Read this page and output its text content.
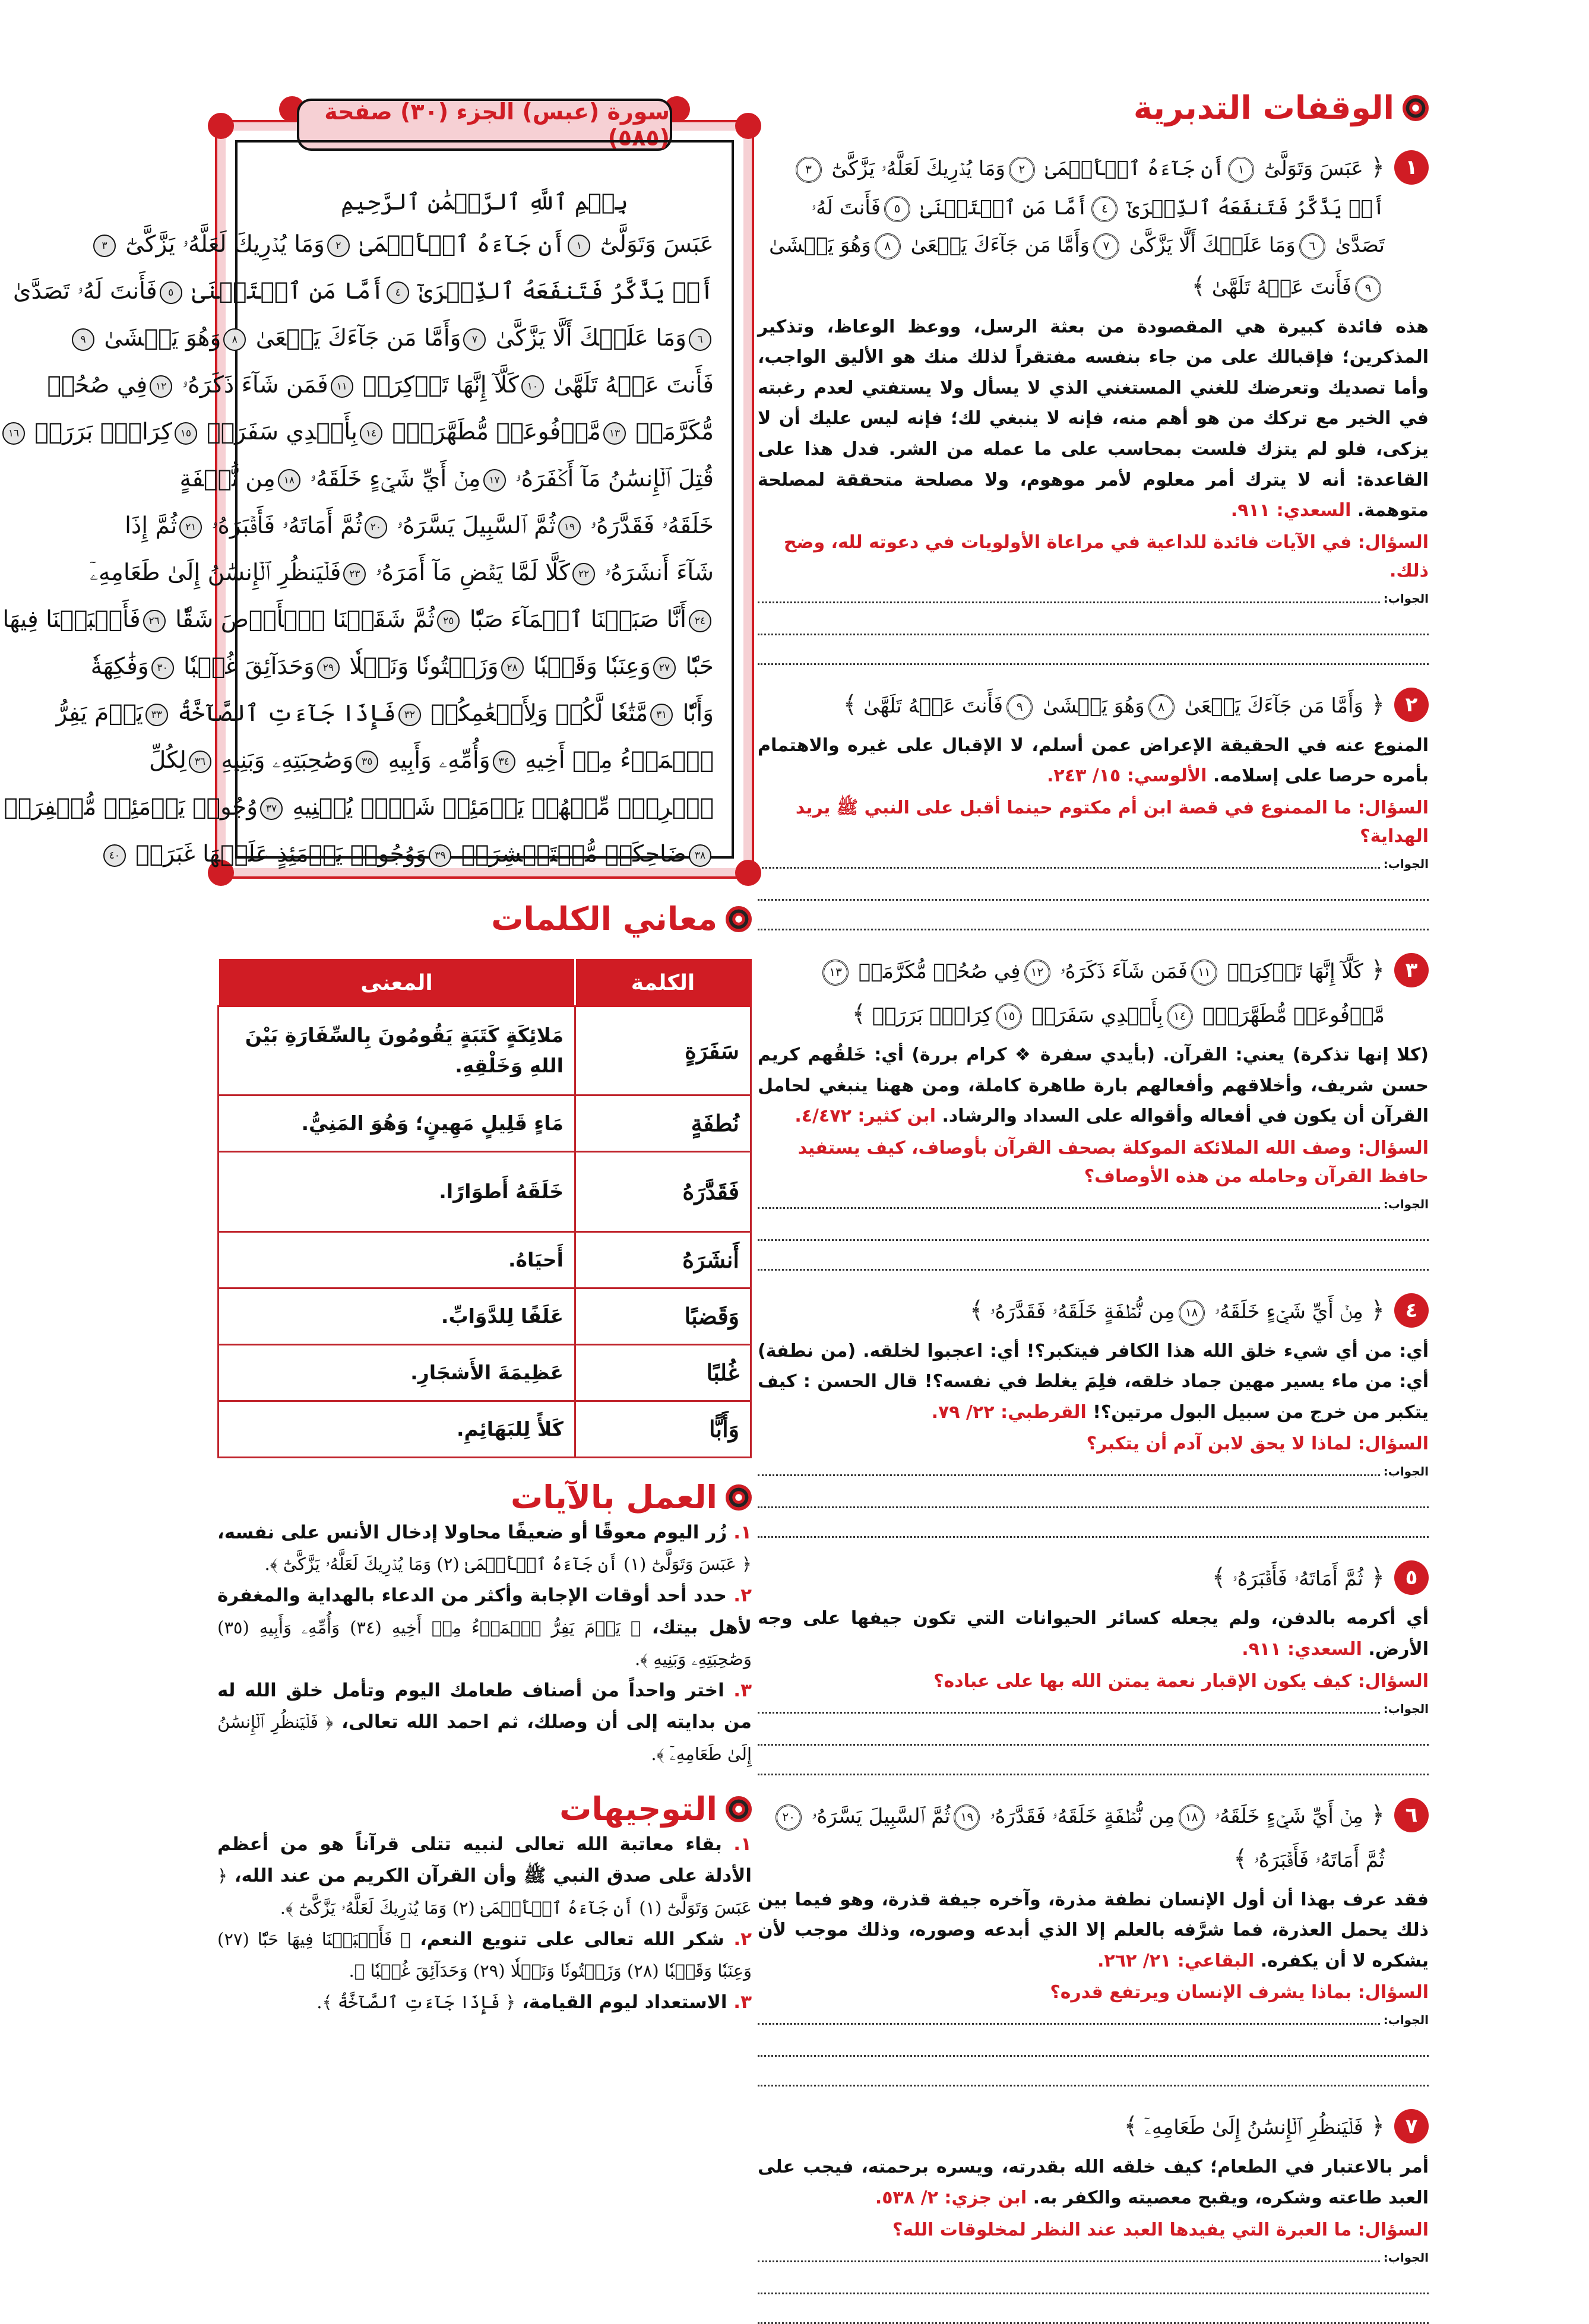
الوقفات التدبرية
١
﴿ عَبَسَ وَتَوَلَّىٰٓ ١أَن جَآءَهُ ٱلۡأَعۡمَىٰ ٢وَمَا يُدۡرِيكَ لَعَلَّهُۥ يَزَّكَّىٰٓ ٣أَوۡ يَذَّكَّرُ فَتَنفَعَهُ ٱلذِّكۡرَىٰٓ ٤أَمَّا مَنِ ٱسۡتَغۡنَىٰ ٥فَأَنتَ لَهُۥ تَصَدَّىٰ ٦وَمَا عَلَيۡكَ أَلَّا يَزَّكَّىٰ ٧وَأَمَّا مَن جَآءَكَ يَسۡعَىٰ ٨وَهُوَ يَخۡشَىٰ ٩فَأَنتَ عَنۡهُ تَلَهَّىٰ ﴾
هذه فائدة كبيرة هي المقصودة من بعثة الرسل، ووعظ الوعاظ، وتذكير المذكرين؛ فإقبالك على من جاء بنفسه مفتقراً لذلك منك هو الأليق الواجب، وأما تصديك وتعرضك للغني المستغني الذي لا يسأل ولا يستفتي لعدم رغبته في الخير مع تركك من هو أهم منه، فإنه لا ينبغي لك؛ فإنه ليس عليك أن لا يزكى، فلو لم يتزك فلست بمحاسب على ما عمله من الشر. فدل هذا على القاعدة: أنه لا يترك أمر معلوم لأمر موهوم، ولا مصلحة متحققة لمصلحة متوهمة. السعدي: ٩١١.
السؤال: في الآيات فائدة للداعية في مراعاة الأولويات في دعوته لله، وضح ذلك.
الجواب:
٢
﴿ وَأَمَّا مَن جَآءَكَ يَسۡعَىٰ ٨وَهُوَ يَخۡشَىٰ ٩فَأَنتَ عَنۡهُ تَلَهَّىٰ ﴾
المنوع عنه في الحقيقة الإعراض عمن أسلم، لا الإقبال على غيره والاهتمام بأمره حرصا على إسلامه. الألوسي: ١٥/ ٢٤٣.
السؤال: ما الممنوع في قصة ابن أم مكتوم حينما أقبل على النبي ﷺ يريد الهداية؟
الجواب:
٣
﴿ كَلَّآ إِنَّهَا تَذۡكِرَةٞ ١١فَمَن شَآءَ ذَكَرَهُۥ ١٢فِي صُحُفٖ مُّكَرَّمَةٖ ١٣مَّرۡفُوعَةٖ مُّطَهَّرَةِۭ ١٤بِأَيۡدِي سَفَرَةٖ ١٥كِرَامِۭ بَرَرَةٖ ﴾
(كلا إنها تذكرة) يعني: القرآن. (بأيدي سفرة ❖ كرام بررة) أي: خَلقُهم كريم حسن شريف، وأخلاقهم وأفعالهم بارة طاهرة كاملة، ومن ههنا ينبغي لحامل القرآن أن يكون في أفعاله وأقواله على السداد والرشاد. ابن كثير: ٤/٤٧٢.
السؤال: وصف الله الملائكة الموكلة بصحف القرآن بأوصاف، كيف يستفيد حافظ القرآن وحامله من هذه الأوصاف؟
الجواب:
٤
﴿ مِنۡ أَيِّ شَيۡءٍ خَلَقَهُۥ ١٨مِن نُّطۡفَةٍ خَلَقَهُۥ فَقَدَّرَهُۥ ﴾
أي: من أي شيء خلق الله هذا الكافر فيتكبر؟! أي: اعجبوا لخلقه. (من نطفة) أي: من ماء يسير مهين جماد خلقه، فلِمَ يغلط في نفسه؟! قال الحسن : كيف يتكبر من خرج من سبيل البول مرتين؟! القرطبي: ٢٢/ ٧٩.
السؤال: لماذا لا يحق لابن آدم أن يتكبر؟
الجواب:
٥
﴿ ثُمَّ أَمَاتَهُۥ فَأَقۡبَرَهُۥ ﴾
أي أكرمه بالدفن، ولم يجعله كسائر الحيوانات التي تكون جيفها على وجه الأرض. السعدي: ٩١١.
السؤال: كيف يكون الإقبار نعمة يمتن الله بها على عباده؟
الجواب:
٦
﴿ مِنۡ أَيِّ شَيۡءٍ خَلَقَهُۥ ١٨مِن نُّطۡفَةٍ خَلَقَهُۥ فَقَدَّرَهُۥ ١٩ثُمَّ ٱلسَّبِيلَ يَسَّرَهُۥ ٢٠ثُمَّ أَمَاتَهُۥ فَأَقۡبَرَهُۥ ﴾
فقد عرف بهذا أن أول الإنسان نطفة مذرة، وآخره جيفة قذرة، وهو فيما بين ذلك يحمل العذرة، فما شرَّفه بالعلم إلا الذي أبدعه وصوره، وذلك موجب لأن يشكره لا أن يكفره. البقاعي: ٢١/ ٢٦٢.
السؤال: بماذا يشرف الإنسان ويرتفع قدره؟
الجواب:
٧
﴿ فَلۡيَنظُرِ ٱلۡإِنسَٰنُ إِلَىٰ طَعَامِهِۦٓ ﴾
أمر بالاعتبار في الطعام؛ كيف خلقه الله بقدرته، ويسره برحمته، فيجب على العبد طاعته وشكره، ويقبح معصيته والكفر به. ابن جزي: ٢/ ٥٣٨.
السؤال: ما العبرة التي يفيدها العبد عند النظر لمخلوقات الله؟
الجواب:
سورة (عبس) الجزء (٣٠) صفحة (٥٨٥)
بِسۡمِ ٱللَّهِ ٱلرَّحۡمَٰنِ ٱلرَّحِيمِ
عَبَسَ وَتَوَلَّىٰٓ ١أَن جَآءَهُ ٱلۡأَعۡمَىٰ ٢وَمَا يُدۡرِيكَ لَعَلَّهُۥ يَزَّكَّىٰٓ ٣
أَوۡ يَذَّكَّرُ فَتَنفَعَهُ ٱلذِّكۡرَىٰٓ ٤أَمَّا مَنِ ٱسۡتَغۡنَىٰ ٥فَأَنتَ لَهُۥ تَصَدَّىٰ
٦وَمَا عَلَيۡكَ أَلَّا يَزَّكَّىٰ ٧وَأَمَّا مَن جَآءَكَ يَسۡعَىٰ ٨وَهُوَ يَخۡشَىٰ ٩
فَأَنتَ عَنۡهُ تَلَهَّىٰ ١٠كَلَّآ إِنَّهَا تَذۡكِرَةٞ ١١فَمَن شَآءَ ذَكَرَهُۥ ١٢فِي صُحُفٖ
مُّكَرَّمَةٖ ١٣مَّرۡفُوعَةٖ مُّطَهَّرَةِۭ ١٤بِأَيۡدِي سَفَرَةٖ ١٥كِرَامِۭ بَرَرَةٖ ١٦
قُتِلَ ٱلۡإِنسَٰنُ مَآ أَكۡفَرَهُۥ ١٧مِنۡ أَيِّ شَيۡءٍ خَلَقَهُۥ ١٨مِن نُّطۡفَةٍ
خَلَقَهُۥ فَقَدَّرَهُۥ ١٩ثُمَّ ٱلسَّبِيلَ يَسَّرَهُۥ ٢٠ثُمَّ أَمَاتَهُۥ فَأَقۡبَرَهُۥ ٢١ثُمَّ إِذَا
شَآءَ أَنشَرَهُۥ ٢٢كَلَّا لَمَّا يَقۡضِ مَآ أَمَرَهُۥ ٢٣فَلۡيَنظُرِ ٱلۡإِنسَٰنُ إِلَىٰ طَعَامِهِۦٓ
٢٤أَنَّا صَبَبۡنَا ٱلۡمَآءَ صَبّٗا ٢٥ثُمَّ شَقَقۡنَا ٱلۡأَرۡضَ شَقّٗا ٢٦فَأَنۢبَتۡنَا فِيهَا
حَبّٗا ٢٧وَعِنَبٗا وَقَضۡبٗا ٢٨وَزَيۡتُونٗا وَنَخۡلٗا ٢٩وَحَدَآئِقَ غُلۡبٗا ٣٠وَفَٰكِهَةٗ
وَأَبّٗا ٣١مَّتَٰعٗا لَّكُمۡ وَلِأَنۡعَٰمِكُمۡ ٣٢فَإِذَا جَآءَتِ ٱلصَّآخَّةُ ٣٣يَوۡمَ يَفِرُّ
ٱلۡمَرۡءُ مِنۡ أَخِيهِ ٣٤وَأُمِّهِۦ وَأَبِيهِ ٣٥وَصَٰحِبَتِهِۦ وَبَنِيهِ ٣٦لِكُلِّ
ٱمۡرِيٕٖ مِّنۡهُمۡ يَوۡمَئِذٖ شَأۡنٞ يُغۡنِيهِ ٣٧وُجُوهٞ يَوۡمَئِذٖ مُّسۡفِرَةٞ
٣٨ضَاحِكَةٞ مُّسۡتَبۡشِرَةٞ ٣٩وَوُجُوهٞ يَوۡمَئِذٍ عَلَيۡهَا غَبَرَةٞ ٤٠
معاني الكلمات
الكلمة	المعنى
سَفَرَةٍ	مَلائِكَةٍ كَتَبَةٍ يَقُومُونَ بِالسِّفَارَةِ بَيْنَ اللهِ وَخَلْقِهِ.
نُطفَةٍ	مَاءٍ قَلِيلٍ مَهِينٍ؛ وَهُوَ المَنِيُّ.
فَقَدَّرَهُ	خَلَقَهُ أَطوَارًا.
أَنشَرَهُ	أَحيَاهُ.
وَقَضبًا	عَلَفًا لِلدَّوَابِّ.
غُلبًا	عَظِيمَةَ الأَشجَارِ.
وَأَبًّا	كَلأً لِلبَهَائِمِ.
العمل بالآيات
١. زُر اليوم معوقًا أو ضعيفًا محاولا إدخال الأنس على نفسه، ﴿ عَبَسَ وَتَوَلَّىٰٓ (١) أَن جَآءَهُ ٱلۡأَعۡمَىٰ (٢) وَمَا يُدۡرِيكَ لَعَلَّهُۥ يَزَّكَّىٰٓ ﴾.
٢. حدد أحد أوقات الإجابة وأكثر من الدعاء بالهداية والمغفرة لأهل بيتك، ﴿ يَوۡمَ يَفِرُّ ٱلۡمَرۡءُ مِنۡ أَخِيهِ (٣٤) وَأُمِّهِۦ وَأَبِيهِ (٣٥) وَصَٰحِبَتِهِۦ وَبَنِيهِ ﴾.
٣. اختر واحداً من أصناف طعامك اليوم وتأمل خلق الله له من بدايته إلى أن وصلك، ثم احمد الله تعالى، ﴿ فَلۡيَنظُرِ ٱلۡإِنسَٰنُ إِلَىٰ طَعَامِهِۦٓ ﴾.
التوجيهات
١. بقاء معاتبة الله تعالى لنبيه تتلى قرآناً هو من أعظم الأدلة على صدق النبي ﷺ وأن القرآن الكريم من عند الله، ﴿ عَبَسَ وَتَوَلَّىٰٓ (١) أَن جَآءَهُ ٱلۡأَعۡمَىٰ (٢) وَمَا يُدۡرِيكَ لَعَلَّهُۥ يَزَّكَّىٰٓ ﴾.
٢. شكر الله تعالى على تنويع النعم، ﴿ فَأَنۢبَتۡنَا فِيهَا حَبّٗا (٢٧) وَعِنَبٗا وَقَضۡبٗا (٢٨) وَزَيۡتُونٗا وَنَخۡلٗا (٢٩) وَحَدَآئِقَ غُلۡبٗا ﴾.
٣. الاستعداد ليوم القيامة، ﴿ فَإِذَا جَآءَتِ ٱلصَّآخَّةُ ﴾.
